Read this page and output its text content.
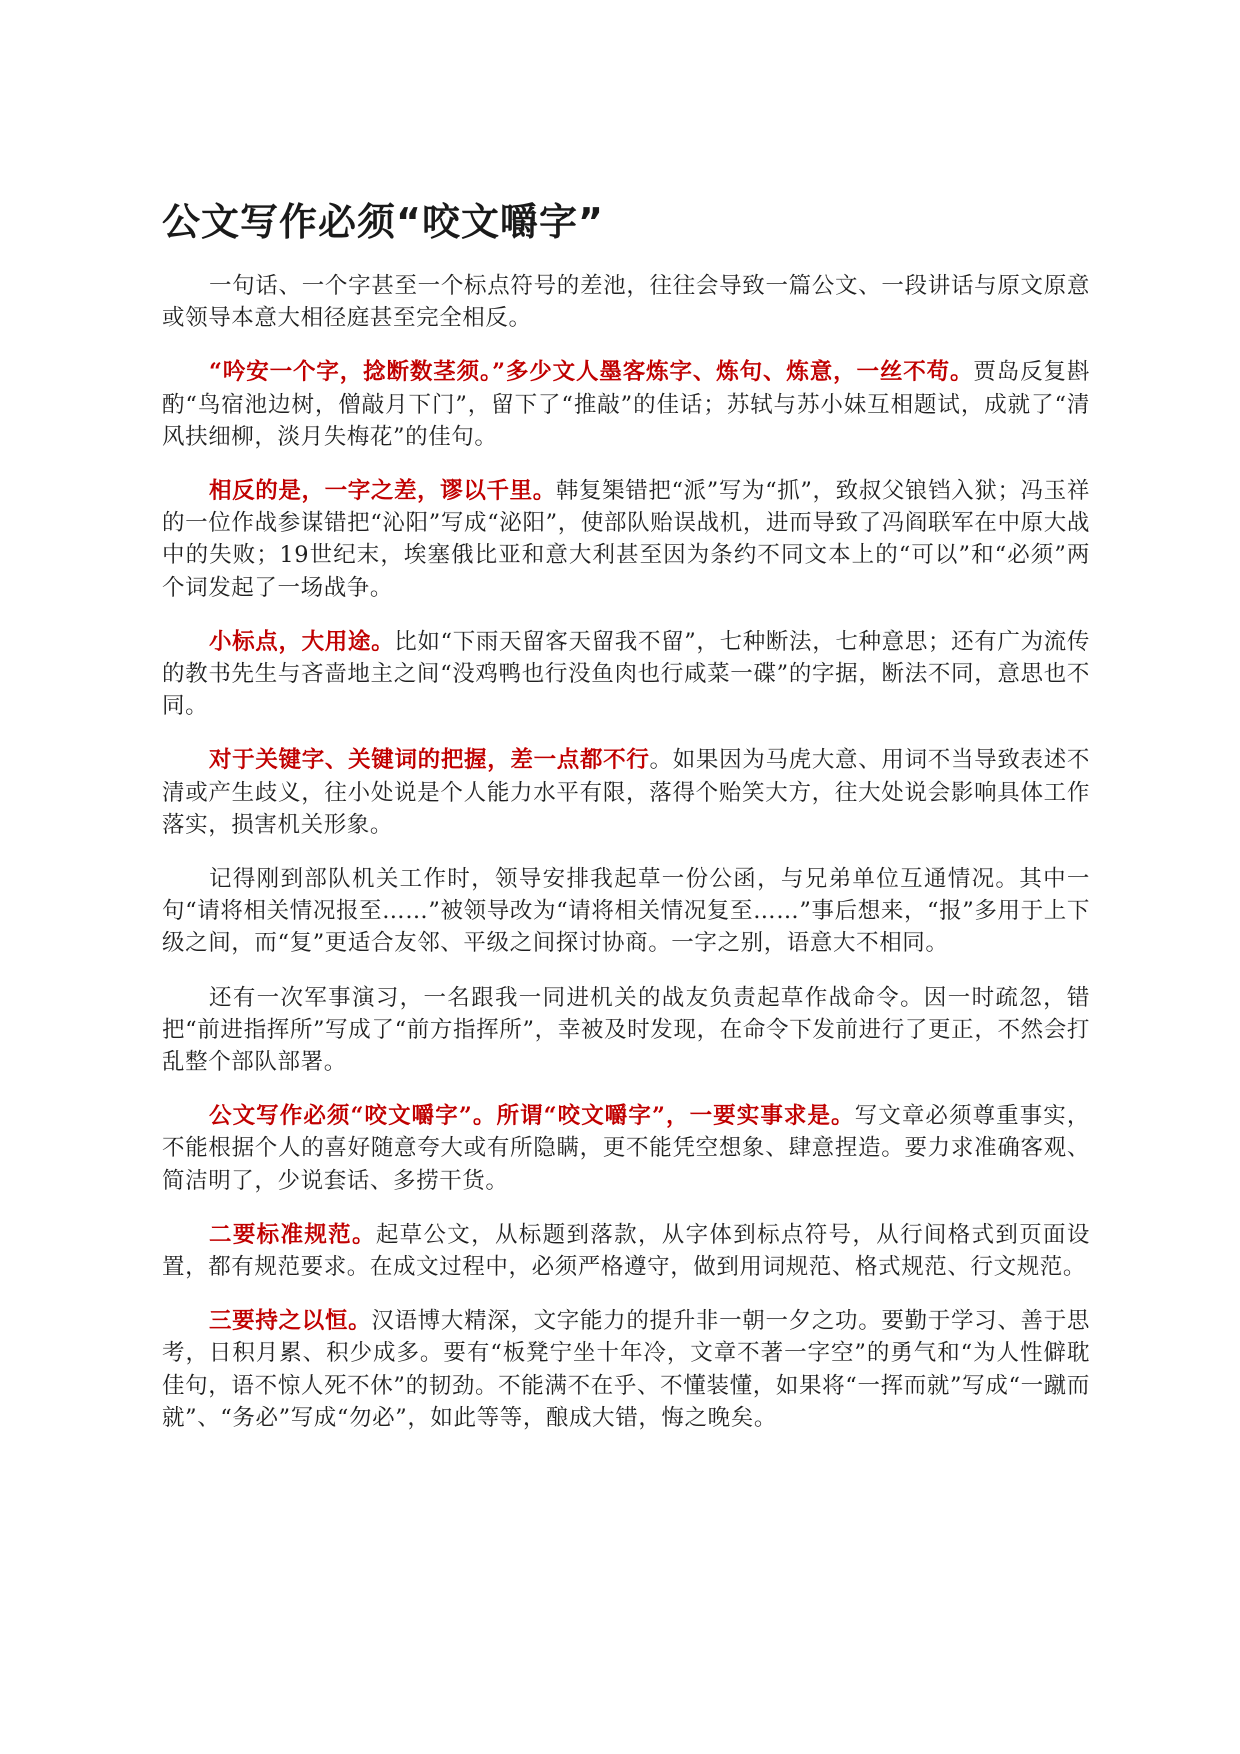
公文写作必须“咬文嚼字”

一句话、一个字甚至一个标点符号的差池，往往会导致一篇公文、一段讲话与原文原意或领导本意大相径庭甚至完全相反。

“吟安一个字，捻断数茎须。”多少文人墨客炼字、炼句、炼意，一丝不苟。贾岛反复斟酌“鸟宿池边树，僧敲月下门”，留下了“推敲”的佳话；苏轼与苏小妹互相题试，成就了“清风扶细柳，淡月失梅花”的佳句。

相反的是，一字之差，谬以千里。韩复榘错把“派”写为“抓”，致叔父锒铛入狱；冯玉祥的一位作战参谋错把“沁阳”写成“泌阳”，使部队贻误战机，进而导致了冯阎联军在中原大战中的失败；19世纪末，埃塞俄比亚和意大利甚至因为条约不同文本上的“可以”和“必须”两个词发起了一场战争。

小标点，大用途。比如“下雨天留客天留我不留”，七种断法，七种意思；还有广为流传的教书先生与吝啬地主之间“没鸡鸭也行没鱼肉也行咸菜一碟”的字据，断法不同，意思也不同。

对于关键字、关键词的把握，差一点都不行。如果因为马虎大意、用词不当导致表述不清或产生歧义，往小处说是个人能力水平有限，落得个贻笑大方，往大处说会影响具体工作落实，损害机关形象。

记得刚到部队机关工作时，领导安排我起草一份公函，与兄弟单位互通情况。其中一句“请将相关情况报至……”被领导改为“请将相关情况复至……”事后想来，“报”多用于上下级之间，而“复”更适合友邻、平级之间探讨协商。一字之别，语意大不相同。

还有一次军事演习，一名跟我一同进机关的战友负责起草作战命令。因一时疏忽，错把“前进指挥所”写成了“前方指挥所”，幸被及时发现，在命令下发前进行了更正，不然会打乱整个部队部署。

公文写作必须“咬文嚼字”。所谓“咬文嚼字”，一要实事求是。写文章必须尊重事实，不能根据个人的喜好随意夸大或有所隐瞒，更不能凭空想象、肆意捏造。要力求准确客观、简洁明了，少说套话、多捞干货。

二要标准规范。起草公文，从标题到落款，从字体到标点符号，从行间格式到页面设置，都有规范要求。在成文过程中，必须严格遵守，做到用词规范、格式规范、行文规范。

三要持之以恒。汉语博大精深，文字能力的提升非一朝一夕之功。要勤于学习、善于思考，日积月累、积少成多。要有“板凳宁坐十年冷，文章不著一字空”的勇气和“为人性僻耽佳句，语不惊人死不休”的韧劲。不能满不在乎、不懂装懂，如果将“一挥而就”写成“一蹴而就”、“务必”写成“勿必”，如此等等，酿成大错，悔之晚矣。
